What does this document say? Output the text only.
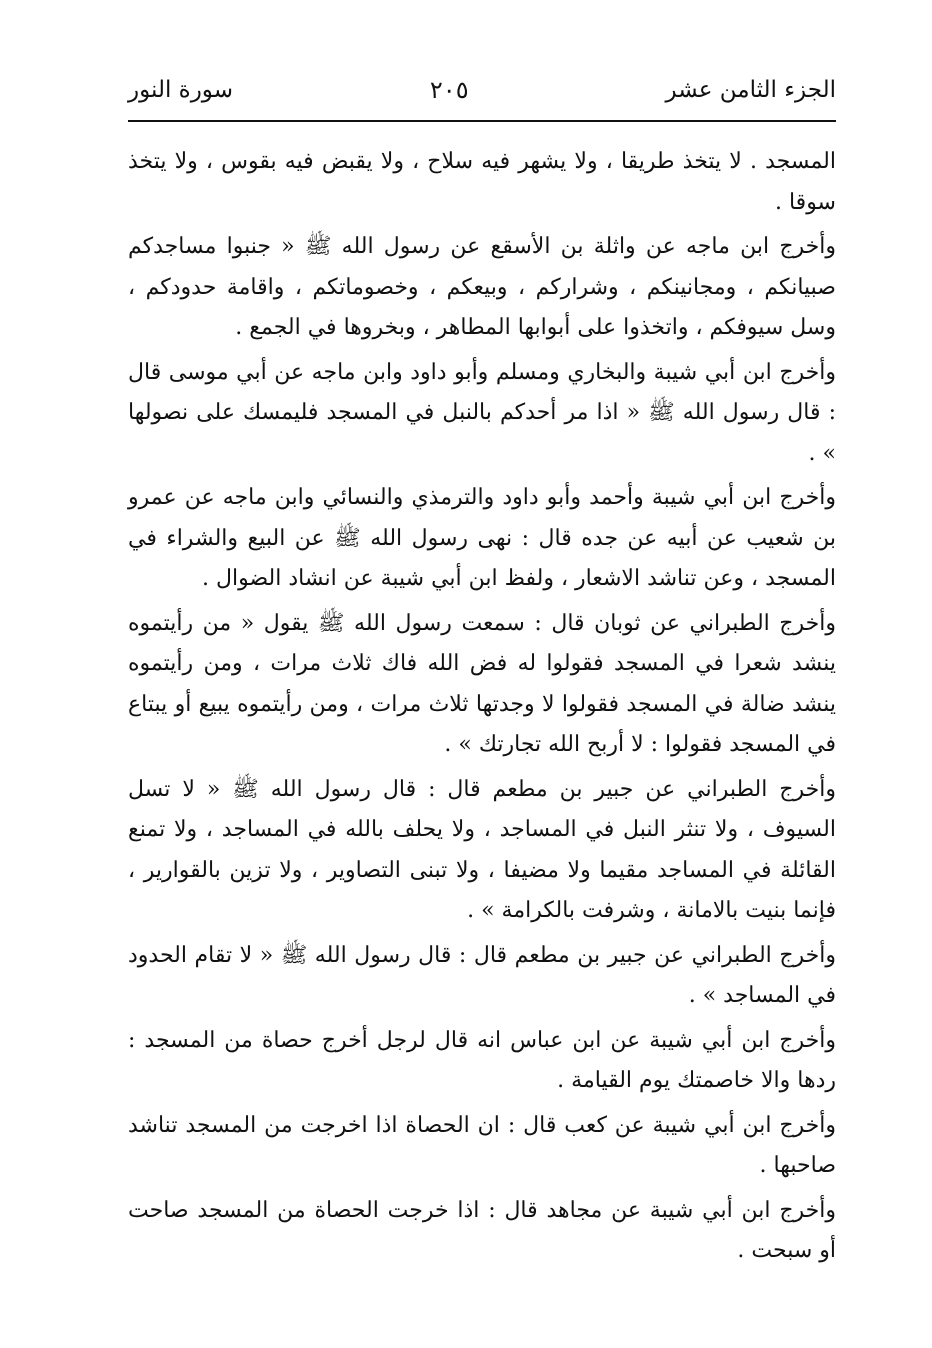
الجزء الثامن عشر
٢٠٥
سورة النور

المسجد . لا يتخذ طريقا ، ولا يشهر فيه سلاح ، ولا يقبض فيه بقوس ، ولا يتخذ سوقا .

وأخرج ابن ماجه عن واثلة بن الأسقع عن رسول الله ﷺ « جنبوا مساجدكم صبيانكم ، ومجانينكم ، وشراركم ، وبيعكم ، وخصوماتكم ، واقامة حدودكم ، وسل سيوفكم ، واتخذوا على أبوابها المطاهر ، وبخروها في الجمع .

وأخرج ابن أبي شيبة والبخاري ومسلم وأبو داود وابن ماجه عن أبي موسى قال : قال رسول الله ﷺ « اذا مر أحدكم بالنبل في المسجد فليمسك على نصولها » .

وأخرج ابن أبي شيبة وأحمد وأبو داود والترمذي والنسائي وابن ماجه عن عمرو بن شعيب عن أبيه عن جده قال : نهى رسول الله ﷺ عن البيع والشراء في المسجد ، وعن تناشد الاشعار ، ولفظ ابن أبي شيبة عن انشاد الضوال .

وأخرج الطبراني عن ثوبان قال : سمعت رسول الله ﷺ يقول « من رأيتموه ينشد شعرا في المسجد فقولوا له فض الله فاك ثلاث مرات ، ومن رأيتموه ينشد ضالة في المسجد فقولوا لا وجدتها ثلاث مرات ، ومن رأيتموه يبيع أو يبتاع في المسجد فقولوا : لا أربح الله تجارتك » .

وأخرج الطبراني عن جبير بن مطعم قال : قال رسول الله ﷺ « لا تسل السيوف ، ولا تنثر النبل في المساجد ، ولا يحلف بالله في المساجد ، ولا تمنع القائلة في المساجد مقيما ولا مضيفا ، ولا تبنى التصاوير ، ولا تزين بالقوارير ، فإنما بنيت بالامانة ، وشرفت بالكرامة » .

وأخرج الطبراني عن جبير بن مطعم قال : قال رسول الله ﷺ « لا تقام الحدود في المساجد » .

وأخرج ابن أبي شيبة عن ابن عباس انه قال لرجل أخرج حصاة من المسجد : ردها والا خاصمتك يوم القيامة .

وأخرج ابن أبي شيبة عن كعب قال : ان الحصاة اذا اخرجت من المسجد تناشد صاحبها .

وأخرج ابن أبي شيبة عن مجاهد قال : اذا خرجت الحصاة من المسجد صاحت أو سبحت .
